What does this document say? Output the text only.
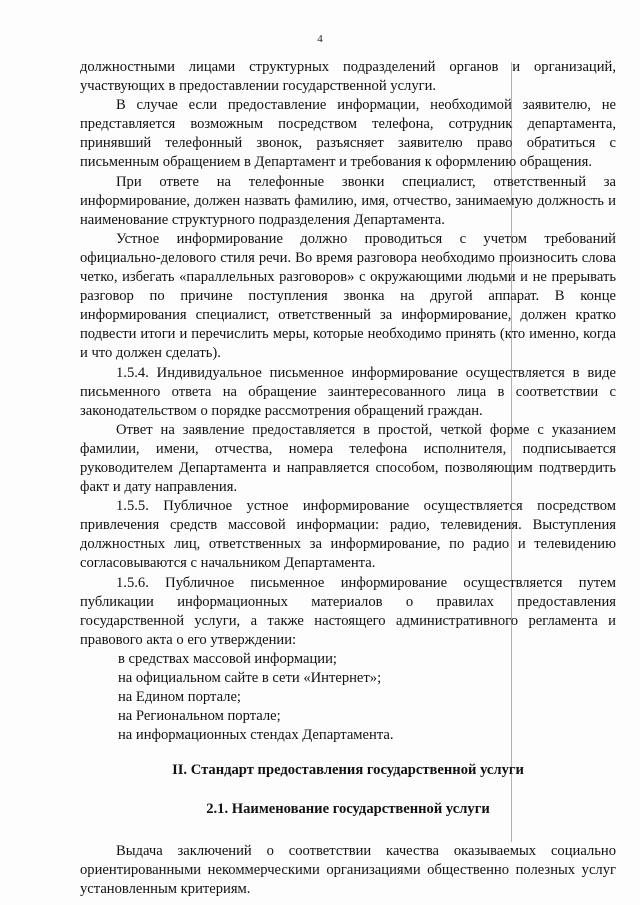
4

должностными лицами структурных подразделений органов и организаций, участвующих в предоставлении государственной услуги.

В случае если предоставление информации, необходимой заявителю, не представляется возможным посредством телефона, сотрудник департамента, принявший телефонный звонок, разъясняет заявителю право обратиться с письменным обращением в Департамент и требования к оформлению обращения.

При ответе на телефонные звонки специалист, ответственный за информирование, должен назвать фамилию, имя, отчество, занимаемую должность и наименование структурного подразделения Департамента.

Устное информирование должно проводиться с учетом требований официально-делового стиля речи. Во время разговора необходимо произносить слова четко, избегать «параллельных разговоров» с окружающими людьми и не прерывать разговор по причине поступления звонка на другой аппарат. В конце информирования специалист, ответственный за информирование, должен кратко подвести итоги и перечислить меры, которые необходимо принять (кто именно, когда и что должен сделать).

1.5.4. Индивидуальное письменное информирование осуществляется в виде письменного ответа на обращение заинтересованного лица в соответствии с законодательством о порядке рассмотрения обращений граждан.

Ответ на заявление предоставляется в простой, четкой форме с указанием фамилии, имени, отчества, номера телефона исполнителя, подписывается руководителем Департамента и направляется способом, позволяющим подтвердить факт и дату направления.

1.5.5. Публичное устное информирование осуществляется посредством привлечения средств массовой информации: радио, телевидения. Выступления должностных лиц, ответственных за информирование, по радио и телевидению согласовываются с начальником Департамента.

1.5.6. Публичное письменное информирование осуществляется путем публикации информационных материалов о правилах предоставления государственной услуги, а также настоящего административного регламента и правового акта о его утверждении:

в средствах массовой информации;

на официальном сайте в сети «Интернет»;

на Едином портале;

на Региональном портале;

на информационных стендах Департамента.

II. Стандарт предоставления государственной услуги

2.1. Наименование государственной услуги

Выдача заключений о соответствии качества оказываемых социально ориентированными некоммерческими организациями общественно полезных услуг установленным критериям.
